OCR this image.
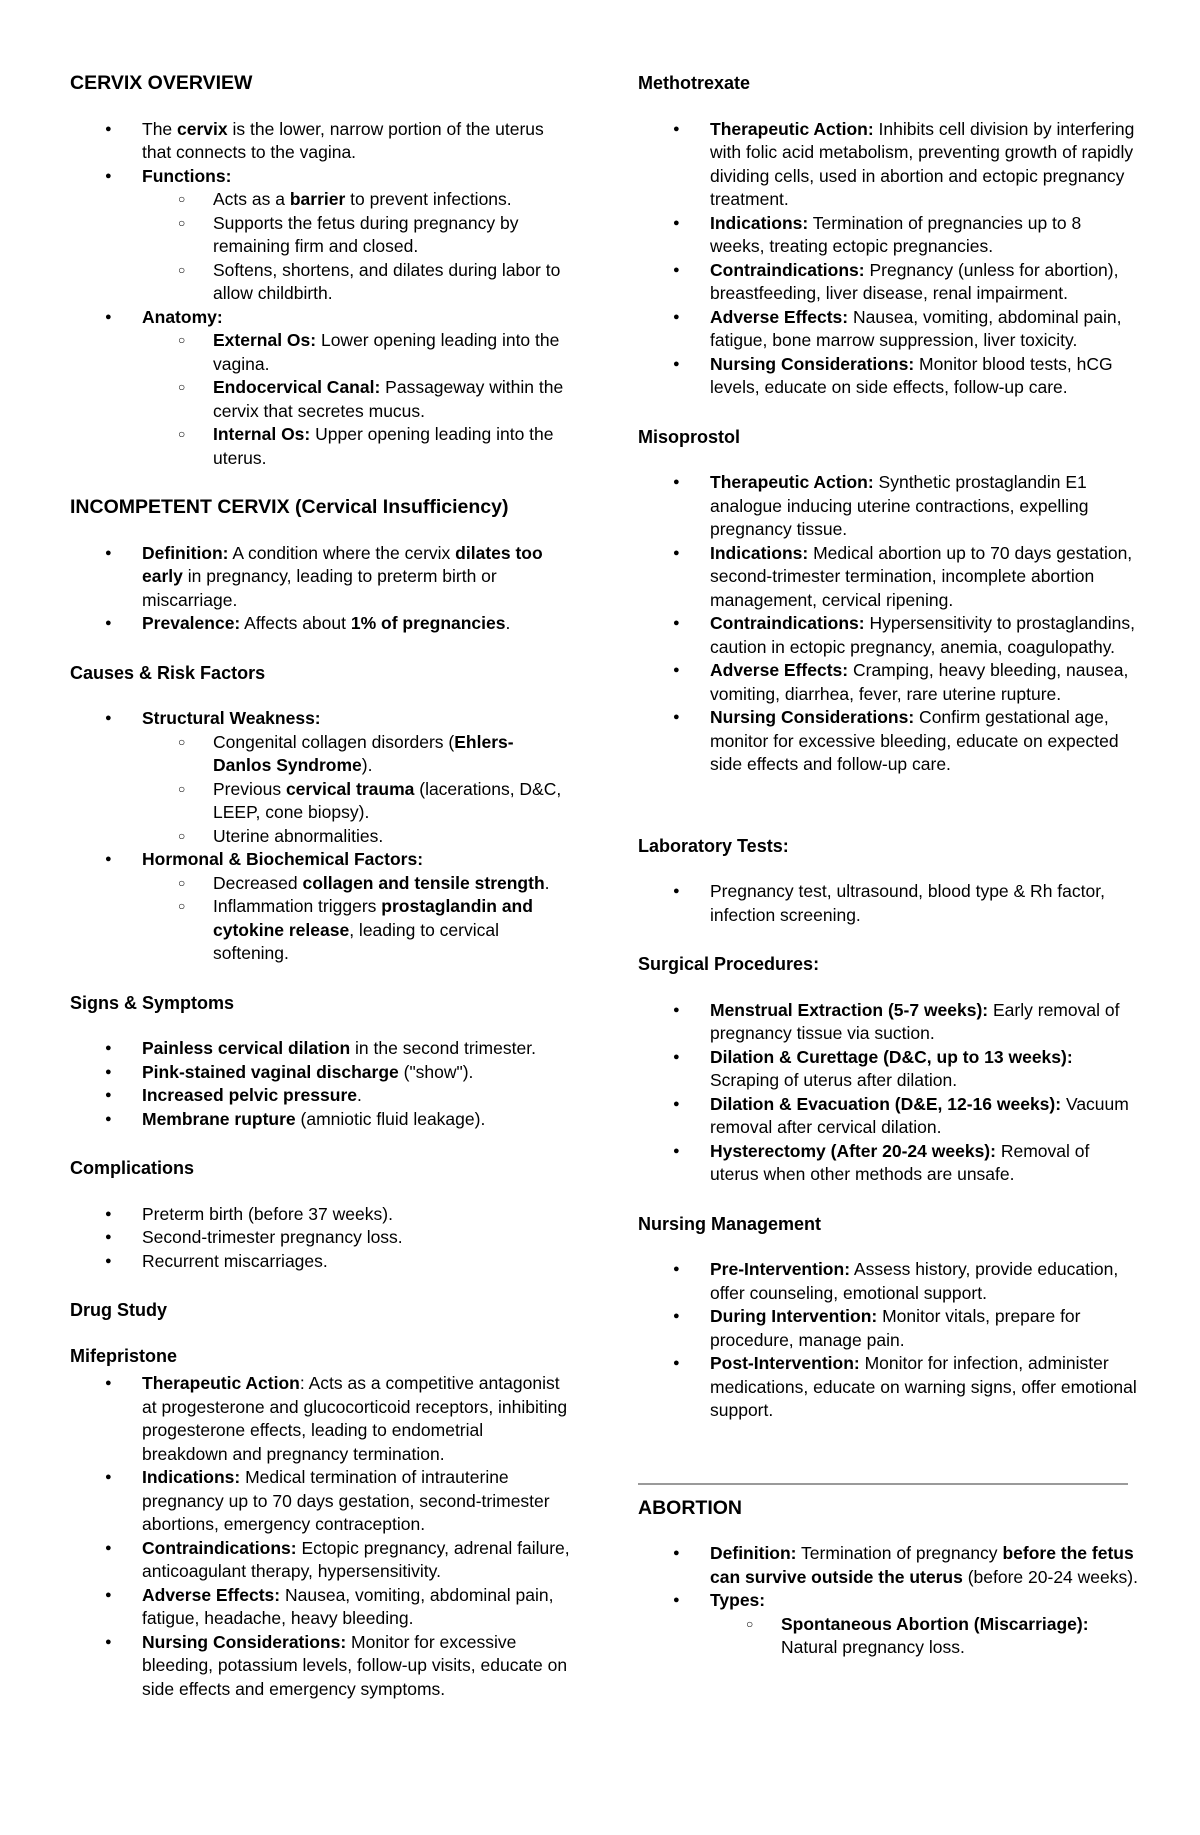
CERVIX OVERVIEW
● The cervix is the lower, narrow portion of the uterus that connects to the vagina.
● Functions:
○ Acts as a barrier to prevent infections.
○ Supports the fetus during pregnancy by remaining firm and closed.
○ Softens, shortens, and dilates during labor to allow childbirth.
● Anatomy:
○ External Os: Lower opening leading into the vagina.
○ Endocervical Canal: Passageway within the cervix that secretes mucus.
○ Internal Os: Upper opening leading into the uterus.
INCOMPETENT CERVIX (Cervical Insufficiency)
● Definition: A condition where the cervix dilates too early in pregnancy, leading to preterm birth or miscarriage.
● Prevalence: Affects about 1% of pregnancies.
Causes & Risk Factors
● Structural Weakness:
○ Congenital collagen disorders (Ehlers-Danlos Syndrome).
○ Previous cervical trauma (lacerations, D&C, LEEP, cone biopsy).
○ Uterine abnormalities.
● Hormonal & Biochemical Factors:
○ Decreased collagen and tensile strength.
○ Inflammation triggers prostaglandin and cytokine release, leading to cervical softening.
Signs & Symptoms
● Painless cervical dilation in the second trimester.
● Pink-stained vaginal discharge ("show").
● Increased pelvic pressure.
● Membrane rupture (amniotic fluid leakage).
Complications
● Preterm birth (before 37 weeks).
● Second-trimester pregnancy loss.
● Recurrent miscarriages.
Drug Study
Mifepristone
● Therapeutic Action: Acts as a competitive antagonist at progesterone and glucocorticoid receptors, inhibiting progesterone effects, leading to endometrial breakdown and pregnancy termination.
● Indications: Medical termination of intrauterine pregnancy up to 70 days gestation, second-trimester abortions, emergency contraception.
● Contraindications: Ectopic pregnancy, adrenal failure, anticoagulant therapy, hypersensitivity.
● Adverse Effects: Nausea, vomiting, abdominal pain, fatigue, headache, heavy bleeding.
● Nursing Considerations: Monitor for excessive bleeding, potassium levels, follow-up visits, educate on side effects and emergency symptoms.
Methotrexate
● Therapeutic Action: Inhibits cell division by interfering with folic acid metabolism, preventing growth of rapidly dividing cells, used in abortion and ectopic pregnancy treatment.
● Indications: Termination of pregnancies up to 8 weeks, treating ectopic pregnancies.
● Contraindications: Pregnancy (unless for abortion), breastfeeding, liver disease, renal impairment.
● Adverse Effects: Nausea, vomiting, abdominal pain, fatigue, bone marrow suppression, liver toxicity.
● Nursing Considerations: Monitor blood tests, hCG levels, educate on side effects, follow-up care.
Misoprostol
● Therapeutic Action: Synthetic prostaglandin E1 analogue inducing uterine contractions, expelling pregnancy tissue.
● Indications: Medical abortion up to 70 days gestation, second-trimester termination, incomplete abortion management, cervical ripening.
● Contraindications: Hypersensitivity to prostaglandins, caution in ectopic pregnancy, anemia, coagulopathy.
● Adverse Effects: Cramping, heavy bleeding, nausea, vomiting, diarrhea, fever, rare uterine rupture.
● Nursing Considerations: Confirm gestational age, monitor for excessive bleeding, educate on expected side effects and follow-up care.
Laboratory Tests:
● Pregnancy test, ultrasound, blood type & Rh factor, infection screening.
Surgical Procedures:
● Menstrual Extraction (5-7 weeks): Early removal of pregnancy tissue via suction.
● Dilation & Curettage (D&C, up to 13 weeks): Scraping of uterus after dilation.
● Dilation & Evacuation (D&E, 12-16 weeks): Vacuum removal after cervical dilation.
● Hysterectomy (After 20-24 weeks): Removal of uterus when other methods are unsafe.
Nursing Management
● Pre-Intervention: Assess history, provide education, offer counseling, emotional support.
● During Intervention: Monitor vitals, prepare for procedure, manage pain.
● Post-Intervention: Monitor for infection, administer medications, educate on warning signs, offer emotional support.
ABORTION
● Definition: Termination of pregnancy before the fetus can survive outside the uterus (before 20-24 weeks).
● Types:
○ Spontaneous Abortion (Miscarriage): Natural pregnancy loss.
